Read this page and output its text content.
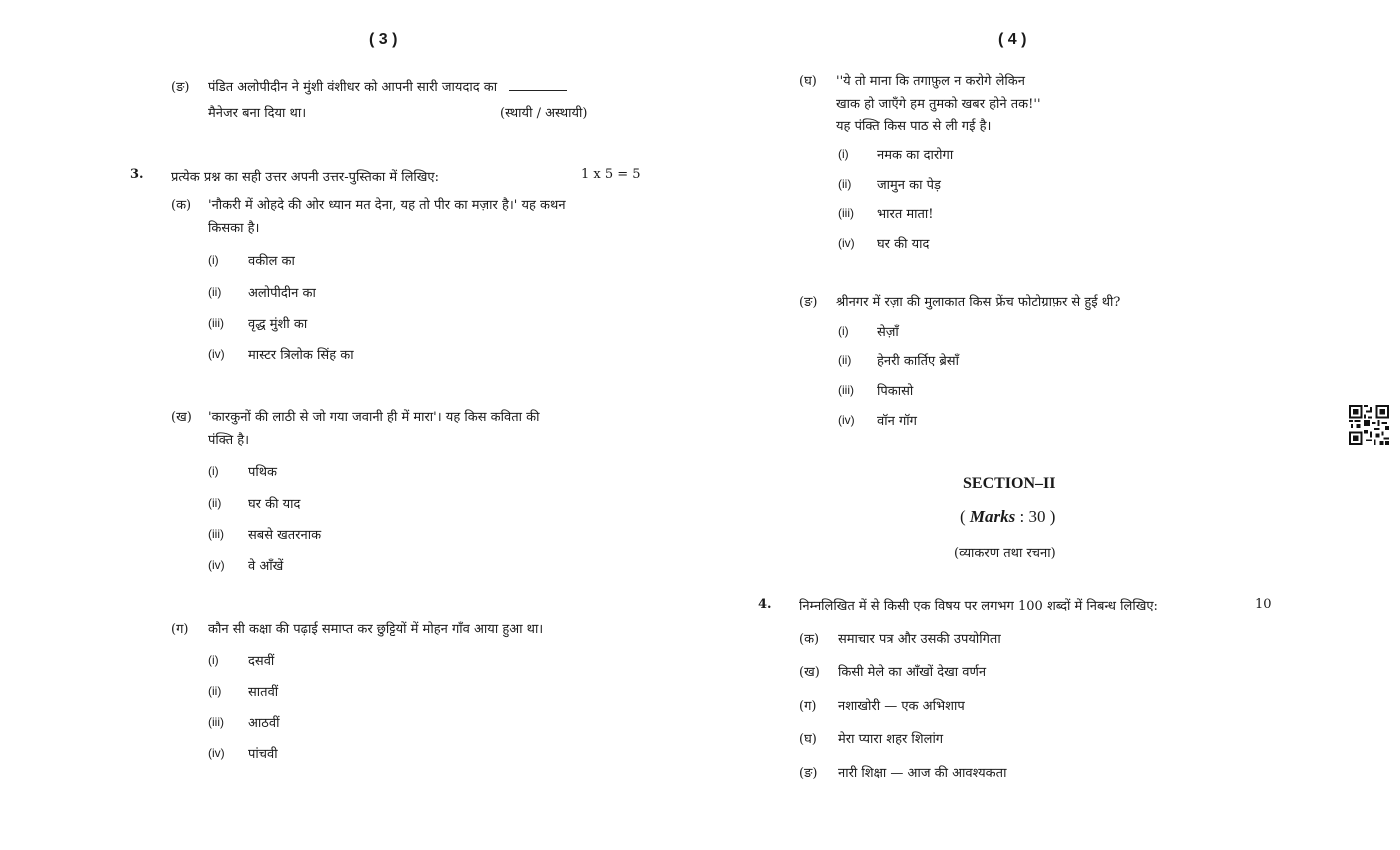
( 3 )
(ङ) पंडित अलोपीदीन ने मुंशी वंशीधर को आपनी सारी जायदाद का
मैनेजर बना दिया था।	(स्थायी / अस्थायी)
3. प्रत्येक प्रश्न का सही उत्तर अपनी उत्तर-पुस्तिका में लिखिए:	1 x 5 = 5
(क) 'नौकरी में ओहदे की ओर ध्यान मत देना, यह तो पीर का मज़ार है।' यह कथन
किसका है।
(i) वकील का
(ii) अलोपीदीन का
(iii) वृद्ध मुंशी का
(iv) मास्टर त्रिलोक सिंह का
(ख) 'कारकुनों की लाठी से जो गया जवानी ही में मारा'। यह किस कविता की
पंक्ति है।
(i) पथिक
(ii) घर की याद
(iii) सबसे खतरनाक
(iv) वे आँखें
(ग) कौन सी कक्षा की पढ़ाई समाप्त कर छुट्टियों में मोहन गाँव आया हुआ था।
(i) दसवीं
(ii) सातवीं
(iii) आठवीं
(iv) पांचवी
( 4 )
(घ) ''ये तो माना कि तगाफ़ुल न करोगे लेकिन
खाक हो जाएँगे हम तुमको खबर होने तक!''
यह पंक्ति किस पाठ से ली गई है।
(i) नमक का दारोगा
(ii) जामुन का पेड़
(iii) भारत माता!
(iv) घर की याद
(ङ) श्रीनगर में रज़ा की मुलाकात किस फ्रेंच फोटोग्राफ़र से हुई थी?
(i) सेज़ाँ
(ii) हेनरी कार्तिए ब्रेसाँ
(iii) पिकासो
(iv) वॉन गॉग
SECTION–II
( Marks : 30 )
(व्याकरण तथा रचना)
4. निम्नलिखित में से किसी एक विषय पर लगभग 100 शब्दों में निबन्ध लिखिए:	10
(क) समाचार पत्र और उसकी उपयोगिता
(ख) किसी मेले का आँखों देखा वर्णन
(ग) नशाखोरी — एक अभिशाप
(घ) मेरा प्यारा शहर शिलांग
(ङ) नारी शिक्षा — आज की आवश्यकता
